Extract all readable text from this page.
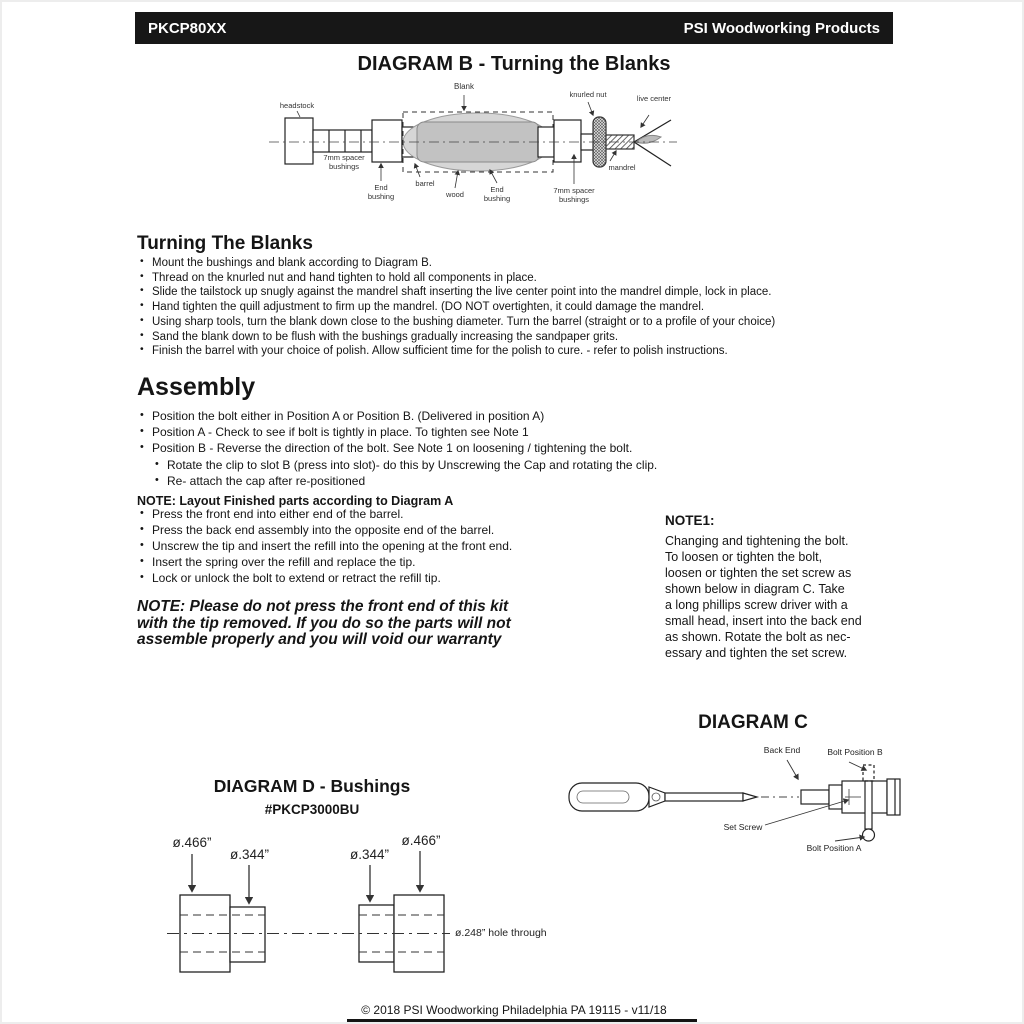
PKCP80XX	PSI Woodworking Products
DIAGRAM B - Turning the Blanks
headstock
Blank
knurled nut	live center
7mm spacer bushings
End bushing
barrel
wood
End bushing
7mm spacer bushings
mandrel
Turning The Blanks
• Mount the bushings and blank according to Diagram B.
• Thread on the knurled nut and hand tighten to hold all components in place.
• Slide the tailstock up snugly against the mandrel shaft inserting the live center point into the mandrel dimple, lock in place.
• Hand tighten the quill adjustment to firm up the mandrel. (DO NOT overtighten, it could damage the mandrel.
• Using sharp tools, turn the blank down close to the bushing diameter. Turn the barrel (straight or to a profile of your choice)
• Sand the blank down to be flush with the bushings gradually increasing the sandpaper grits.
• Finish the barrel with your choice of polish. Allow sufficient time for the polish to cure. - refer to polish instructions.
Assembly
• Position the bolt either in Position A or Position B. (Delivered in position A)
• Position A - Check to see if bolt is tightly in place. To tighten see Note 1
• Position B - Reverse the direction of the bolt. See Note 1 on loosening / tightening the bolt.
• Rotate the clip to slot B (press into slot)- do this by Unscrewing the Cap and rotating the clip.
• Re- attach the cap after re-positioned
NOTE: Layout Finished parts according to Diagram A
• Press the front end into either end of the barrel.
• Press the back end assembly into the opposite end of the barrel.
• Unscrew the tip and insert the refill into the opening at the front end.
• Insert the spring over the refill and replace the tip.
• Lock or unlock the bolt to extend or retract the refill tip.
NOTE: Please do not press the front end of this kit
with the tip removed. If you do so the parts will not
assemble properly and you will void our warranty
NOTE1:
Changing and tightening the bolt.
To loosen or tighten the bolt,
loosen or tighten the set screw as
shown below in diagram C. Take
a long phillips screw driver with a
small head, insert into the back end
as shown. Rotate the bolt as nec-
essary and tighten the set screw.
DIAGRAM C
Back End	Bolt Position B
Set Screw
Bolt Position A
DIAGRAM D - Bushings
#PKCP3000BU
ø.466”
ø.344”	ø.344”
ø.466”
ø.248” hole through
© 2018 PSI Woodworking Philadelphia PA 19115 - v11/18
